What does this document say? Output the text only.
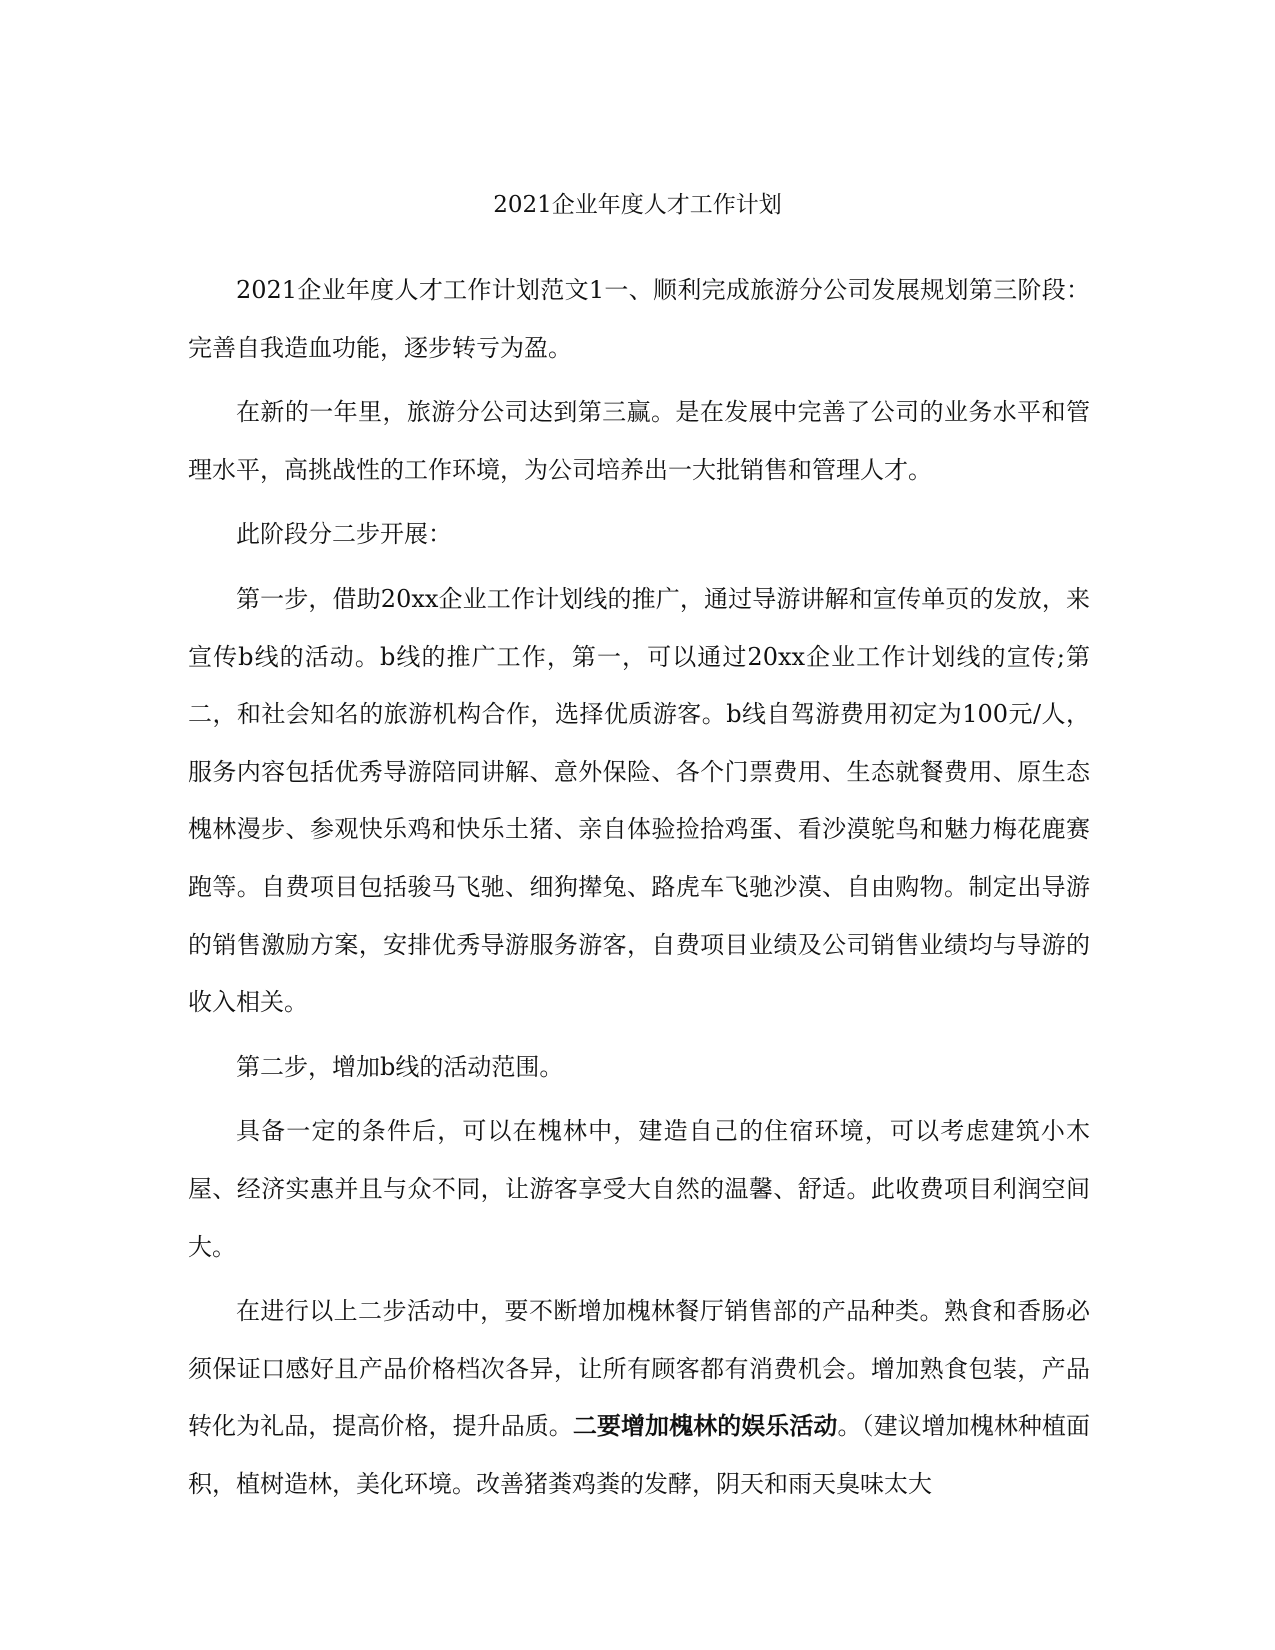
2021企业年度人才工作计划

2021企业年度人才工作计划范文1一、顺利完成旅游分公司发展规划第三阶段：完善自我造血功能，逐步转亏为盈。

在新的一年里，旅游分公司达到第三赢。是在发展中完善了公司的业务水平和管理水平，高挑战性的工作环境，为公司培养出一大批销售和管理人才。

此阶段分二步开展：

第一步，借助20xx企业工作计划线的推广，通过导游讲解和宣传单页的发放，来宣传b线的活动。b线的推广工作，第一，可以通过20xx企业工作计划线的宣传;第二，和社会知名的旅游机构合作，选择优质游客。b线自驾游费用初定为100元/人，服务内容包括优秀导游陪同讲解、意外保险、各个门票费用、生态就餐费用、原生态槐林漫步、参观快乐鸡和快乐土猪、亲自体验捡拾鸡蛋、看沙漠鸵鸟和魅力梅花鹿赛跑等。自费项目包括骏马飞驰、细狗撵兔、路虎车飞驰沙漠、自由购物。制定出导游的销售激励方案，安排优秀导游服务游客，自费项目业绩及公司销售业绩均与导游的收入相关。

第二步，增加b线的活动范围。

具备一定的条件后，可以在槐林中，建造自己的住宿环境，可以考虑建筑小木屋、经济实惠并且与众不同，让游客享受大自然的温馨、舒适。此收费项目利润空间大。

在进行以上二步活动中，要不断增加槐林餐厅销售部的产品种类。熟食和香肠必须保证口感好且产品价格档次各异，让所有顾客都有消费机会。增加熟食包装，产品转化为礼品，提高价格，提升品质。二要增加槐林的娱乐活动。（建议增加槐林种植面积，植树造林，美化环境。改善猪粪鸡粪的发酵，阴天和雨天臭味太大
